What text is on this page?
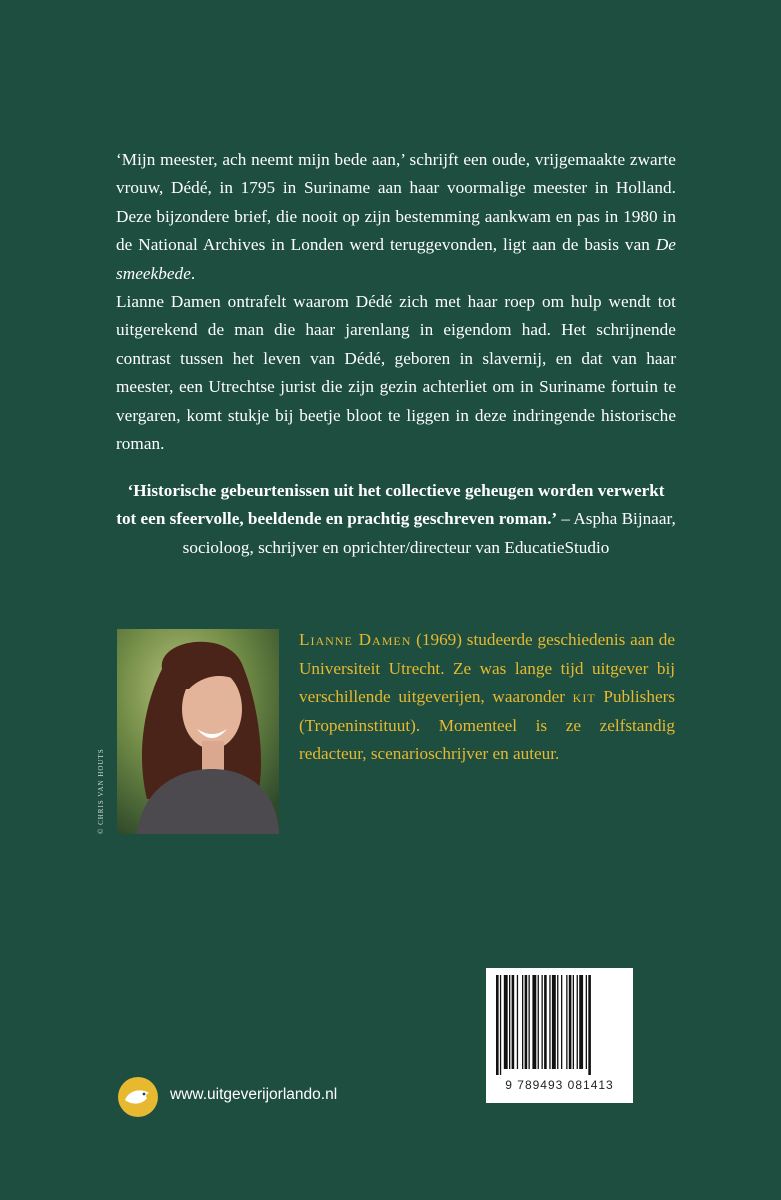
‘Mijn meester, ach neemt mijn bede aan,’ schrijft een oude, vrijgemaakte zwarte vrouw, Dédé, in 1795 in Suriname aan haar voormalige meester in Holland. Deze bijzondere brief, die nooit op zijn bestemming aankwam en pas in 1980 in de National Archives in Londen werd teruggevonden, ligt aan de basis van De smeekbede.

Lianne Damen ontrafelt waarom Dédé zich met haar roep om hulp wendt tot uitgerekend de man die haar jarenlang in eigendom had. Het schrijnende contrast tussen het leven van Dédé, geboren in slavernij, en dat van haar meester, een Utrechtse jurist die zijn gezin achterliet om in Suriname fortuin te vergaren, komt stukje bij beetje bloot te liggen in deze indringende historische roman.

‘Historische gebeurtenissen uit het collectieve geheugen worden verwerkt tot een sfeervolle, beeldende en prachtig geschreven roman.’ – Aspha Bijnaar, socioloog, schrijver en oprichter/directeur van EducatieStudio
© CHRIS VAN HOUTS
Lianne Damen (1969) studeerde geschiedenis aan de Universiteit Utrecht. Ze was lange tijd uitgever bij verschillende uitgeverijen, waaronder kit Publishers (Tropeninstituut). Momenteel is ze zelfstandig redacteur, scenarioschrijver en auteur.
9 789493 081413
www.uitgeverijorlando.nl
